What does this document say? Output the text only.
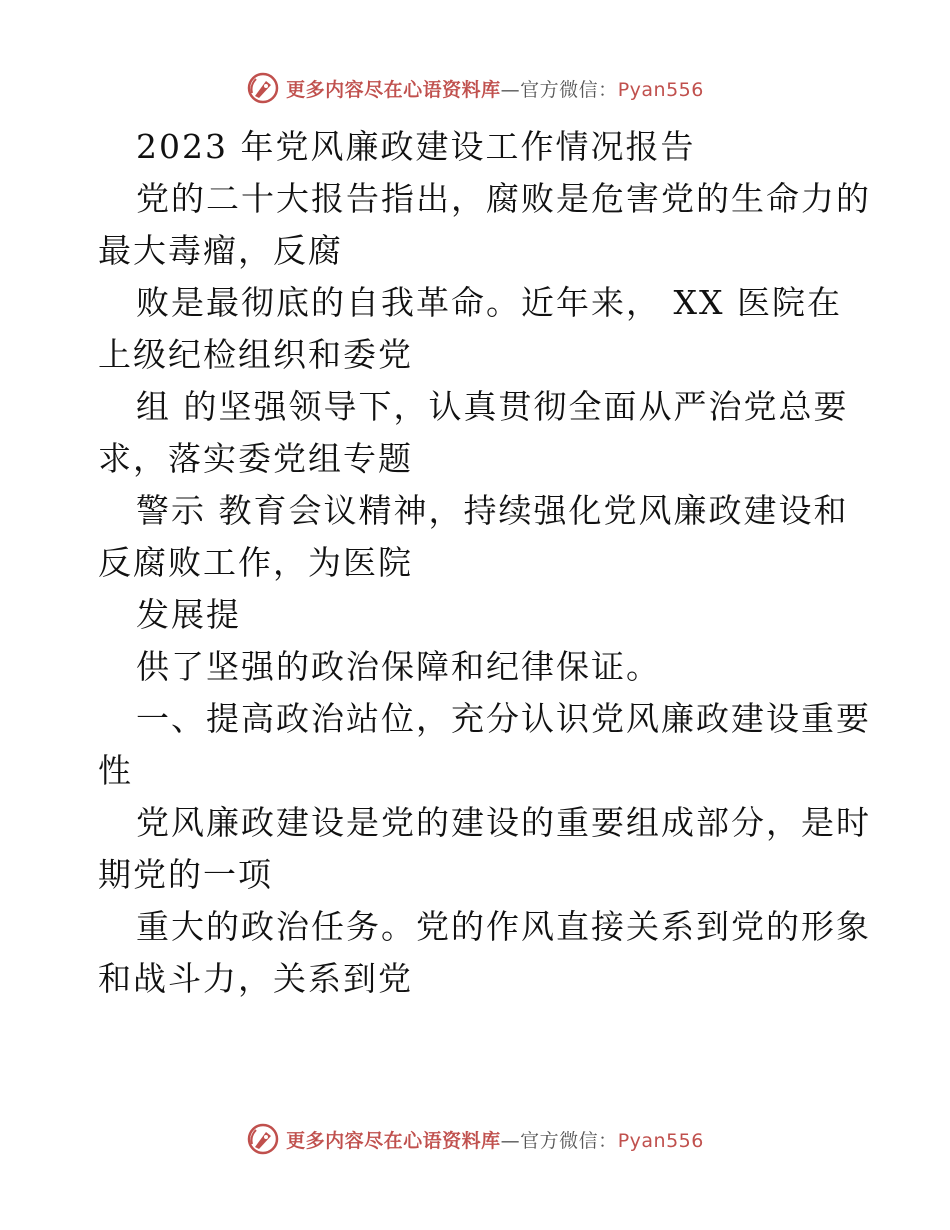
更多内容尽在心语资料库—官方微信：Pyan556
2023 年党风廉政建设工作情况报告
党的二十大报告指出，腐败是危害党的生命力的
最大毒瘤，反腐
败是最彻底的自我革命。近年来， XX 医院在
上级纪检组织和委党
组 的坚强领导下，认真贯彻全面从严治党总要
求，落实委党组专题
警示 教育会议精神，持续强化党风廉政建设和
反腐败工作，为医院
发展提
供了坚强的政治保障和纪律保证。
一、提高政治站位，充分认识党风廉政建设重要
性
党风廉政建设是党的建设的重要组成部分，是时
期党的一项
重大的政治任务。党的作风直接关系到党的形象
和战斗力，关系到党
更多内容尽在心语资料库—官方微信：Pyan556
